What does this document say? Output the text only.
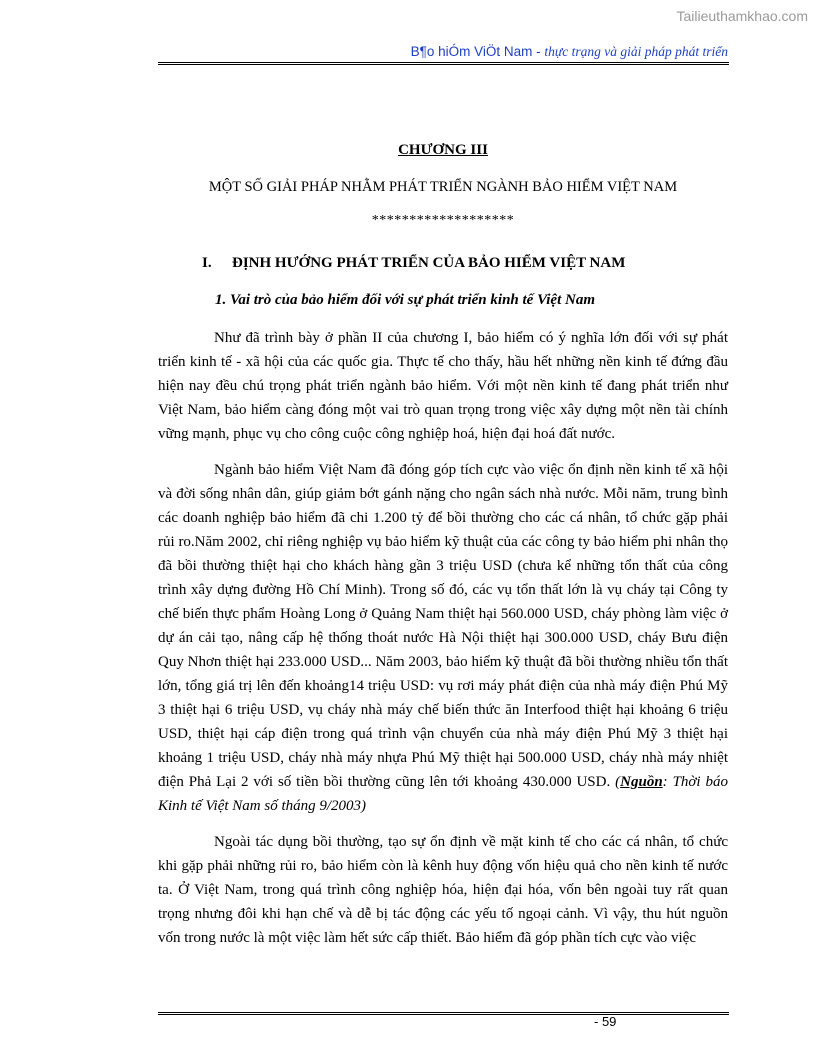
Tailieuthamkhao.com
B¶o hiÓm ViÖt Nam - thực trạng và giải pháp phát triển

CHƯƠNG III

MỘT SỐ GIẢI PHÁP NHẰM PHÁT TRIỂN NGÀNH BẢO HIỂM VIỆT NAM

*******************

I. ĐỊNH HƯỚNG PHÁT TRIỂN CỦA BẢO HIỂM VIỆT NAM

1. Vai trò của bảo hiểm đối với sự phát triển kinh tế Việt Nam

Như đã trình bày ở phần II của chương I, bảo hiểm có ý nghĩa lớn đối với sự phát triển kinh tế - xã hội của các quốc gia. Thực tế cho thấy, hầu hết những nền kinh tế đứng đầu hiện nay đều chú trọng phát triển ngành bảo hiểm. Với một nền kinh tế đang phát triển như Việt Nam, bảo hiểm càng đóng một vai trò quan trọng trong việc xây dựng một nền tài chính vững mạnh, phục vụ cho công cuộc công nghiệp hoá, hiện đại hoá đất nước.

Ngành bảo hiểm Việt Nam đã đóng góp tích cực vào việc ổn định nền kinh tế xã hội và đời sống nhân dân, giúp giảm bớt gánh nặng cho ngân sách nhà nước. Mỗi năm, trung bình các doanh nghiệp bảo hiểm đã chi 1.200 tỷ để bồi thường cho các cá nhân, tổ chức gặp phải rủi ro.Năm 2002, chỉ riêng nghiệp vụ bảo hiểm kỹ thuật của các công ty bảo hiểm phi nhân thọ đã bồi thường thiệt hại cho khách hàng gần 3 triệu USD (chưa kể những tổn thất của công trình xây dựng đường Hồ Chí Minh). Trong số đó, các vụ tổn thất lớn là vụ cháy tại Công ty chế biến thực phẩm Hoàng Long ở Quảng Nam thiệt hại 560.000 USD, cháy phòng làm việc ở dự án cải tạo, nâng cấp hệ thống thoát nước Hà Nội thiệt hại 300.000 USD, cháy Bưu điện Quy Nhơn thiệt hại 233.000 USD... Năm 2003, bảo hiểm kỹ thuật đã bồi thường nhiều tổn thất lớn, tổng giá trị lên đến khoảng14 triệu USD: vụ rơi máy phát điện của nhà máy điện Phú Mỹ 3 thiệt hại 6 triệu USD, vụ cháy nhà máy chế biến thức ăn Interfood thiệt hại khoảng 6 triệu USD, thiệt hại cáp điện trong quá trình vận chuyển của nhà máy điện Phú Mỹ 3 thiệt hại khoảng 1 triệu USD, cháy nhà máy nhựa Phú Mỹ thiệt hại 500.000 USD, cháy nhà máy nhiệt điện Phả Lại 2 với số tiền bồi thường cũng lên tới khoảng 430.000 USD. (Nguồn: Thời báo Kinh tế Việt Nam số tháng 9/2003)

Ngoài tác dụng bồi thường, tạo sự ổn định về mặt kinh tế cho các cá nhân, tổ chức khi gặp phải những rủi ro, bảo hiểm còn là kênh huy động vốn hiệu quả cho nền kinh tế nước ta. Ở Việt Nam, trong quá trình công nghiệp hóa, hiện đại hóa, vốn bên ngoài tuy rất quan trọng nhưng đôi khi hạn chế và dễ bị tác động các yếu tố ngoại cảnh. Vì vậy, thu hút nguồn vốn trong nước là một việc làm hết sức cấp thiết. Bảo hiểm đã góp phần tích cực vào việc

- 59
